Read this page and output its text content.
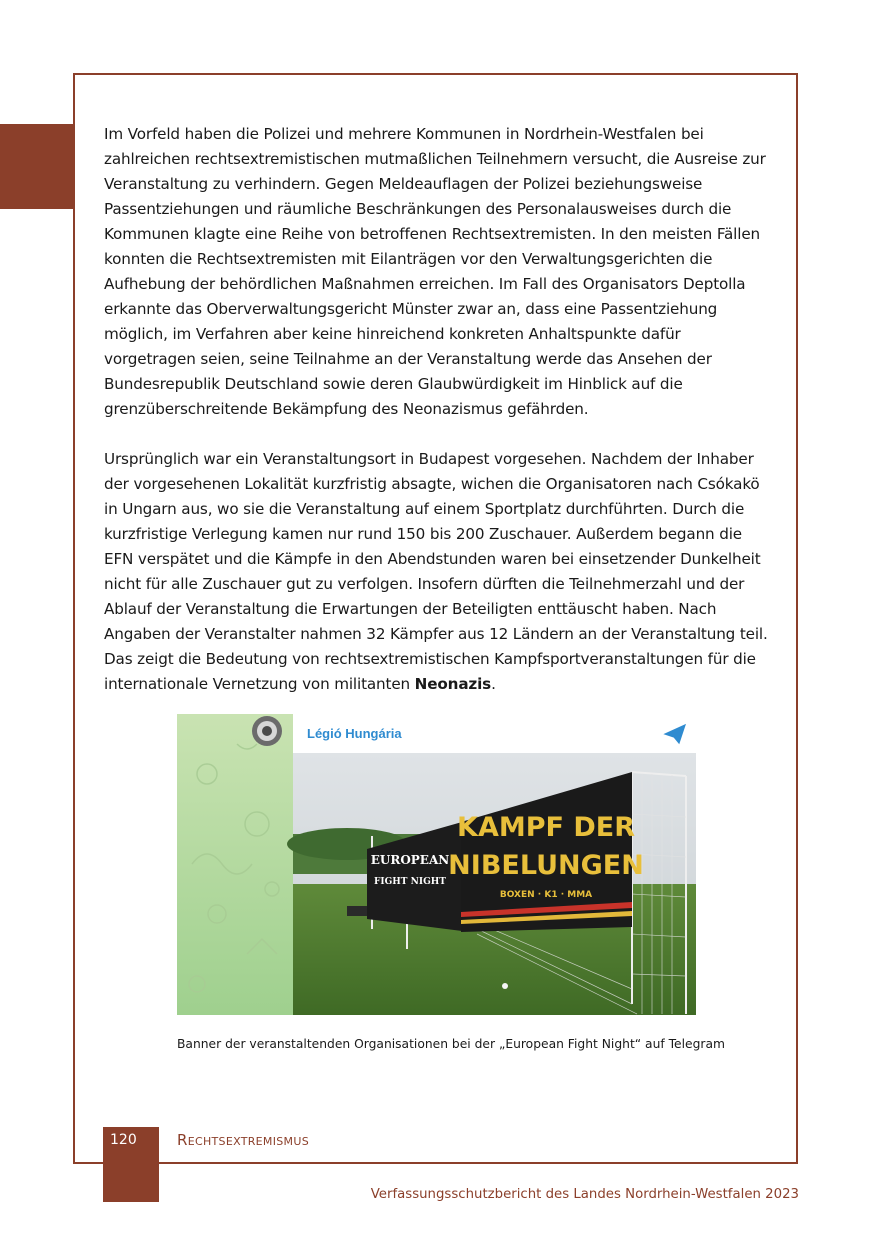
Im Vorfeld haben die Polizei und mehrere Kommunen in Nordrhein-Westfalen bei zahlreichen rechtsextremistischen mutmaßlichen Teilnehmern versucht, die Ausreise zur Veranstaltung zu verhindern. Gegen Meldeauflagen der Polizei beziehungsweise Passentziehungen und räumliche Beschränkungen des Personalausweises durch die Kommunen klagte eine Reihe von betroffenen Rechtsextremisten. In den meisten Fällen konnten die Rechtsextremisten mit Eilanträgen vor den Verwaltungsgerichten die Aufhebung der behördlichen Maßnahmen erreichen. Im Fall des Organisators Deptolla erkannte das Oberverwaltungsgericht Münster zwar an, dass eine Passentziehung möglich, im Verfahren aber keine hinreichend konkreten Anhaltspunkte dafür vorgetragen seien, seine Teilnahme an der Veranstaltung werde das Ansehen der Bundesrepublik Deutschland sowie deren Glaubwürdigkeit im Hinblick auf die grenzüberschreitende Bekämpfung des Neonazismus gefährden.

Ursprünglich war ein Veranstaltungsort in Budapest vorgesehen. Nachdem der Inhaber der vorgesehenen Lokalität kurzfristig absagte, wichen die Organisatoren nach Csókakö in Ungarn aus, wo sie die Veranstaltung auf einem Sportplatz durchführten. Durch die kurzfristige Verlegung kamen nur rund 150 bis 200 Zuschauer. Außerdem begann die EFN verspätet und die Kämpfe in den Abendstunden waren bei einsetzender Dunkelheit nicht für alle Zuschauer gut zu verfolgen. Insofern dürften die Teilnehmerzahl und der Ablauf der Veranstaltung die Erwartungen der Beteiligten enttäuscht haben. Nach Angaben der Veranstalter nahmen 32 Kämpfer aus 12 Ländern an der Veranstaltung teil. Das zeigt die Bedeutung von rechtsextremistischen Kampfsportveranstaltungen für die internationale Vernetzung von militanten Neonazis.

Légió Hungária
EUROPEAN
FIGHT NIGHT
KAMPF DER
NIBELUNGEN
BOXEN · K1 · MMA
Banner der veranstaltenden Organisationen bei der „European Fight Night“ auf Telegram
120	Rechtsextremismus
Verfassungsschutzbericht des Landes Nordrhein-Westfalen 2023
